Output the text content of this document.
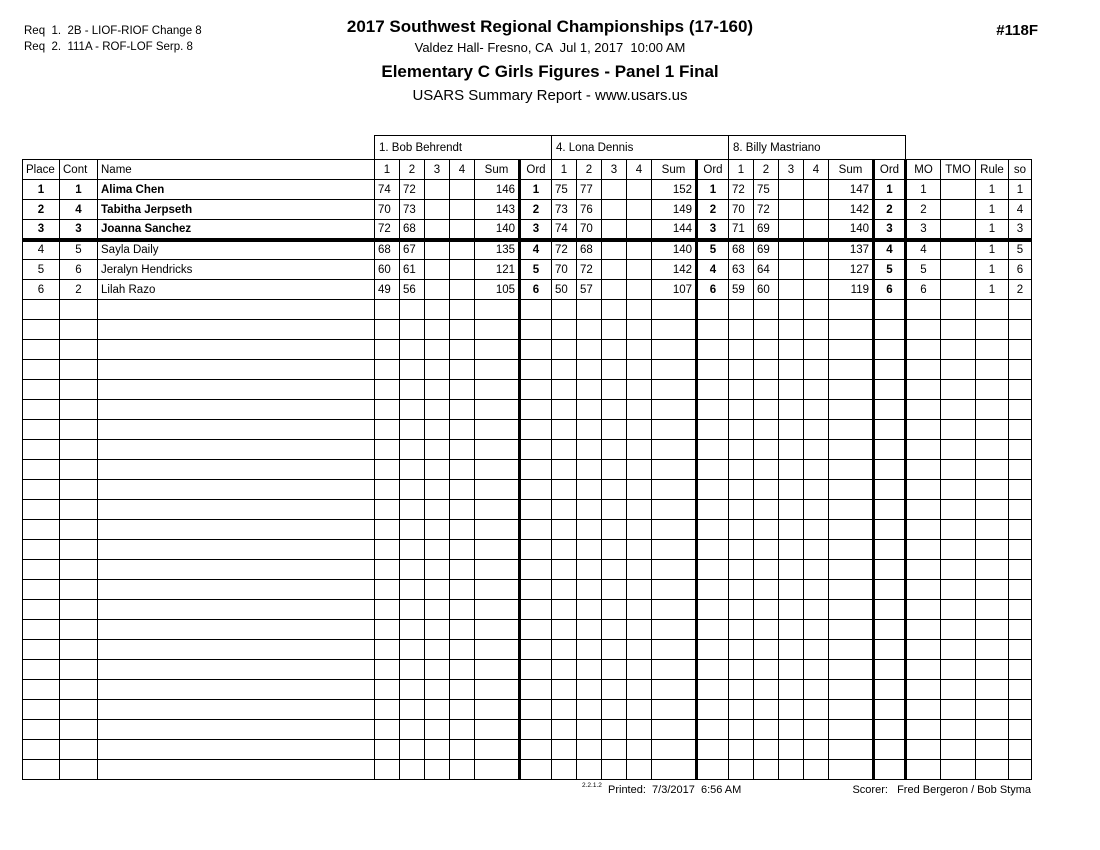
Req  1.  2B - LIOF-RIOF Change 8
Req  2.  111A - ROF-LOF Serp. 8
2017 Southwest Regional Championships (17-160)
Valdez Hall- Fresno, CA  Jul 1, 2017  10:00 AM
Elementary C Girls Figures - Panel 1 Final
USARS Summary Report - www.usars.us
#118F
			1. Bob Behrendt						4. Lona Dennis						8. Billy Mastriano									
Place	Cont	Name	1	2	3	4	Sum	Ord	1	2	3	4	Sum	Ord	1	2	3	4	Sum	Ord	MO	TMO	Rule	so
1	1	Alima Chen	74	72			146	1	75	77			152	1	72	75			147	1	1		1	1
2	4	Tabitha Jerpseth	70	73			143	2	73	76			149	2	70	72			142	2	2		1	4
3	3	Joanna Sanchez	72	68			140	3	74	70			144	3	71	69			140	3	3		1	3
4	5	Sayla Daily	68	67			135	4	72	68			140	5	68	69			137	4	4		1	5
5	6	Jeralyn Hendricks	60	61			121	5	70	72			142	4	63	64			127	5	5		1	6
6	2	Lilah Razo	49	56			105	6	50	57			107	6	59	60			119	6	6		1	2

2.2.1.2 Printed:  7/3/2017  6:56 AM	Scorer:   Fred Bergeron / Bob Styma
